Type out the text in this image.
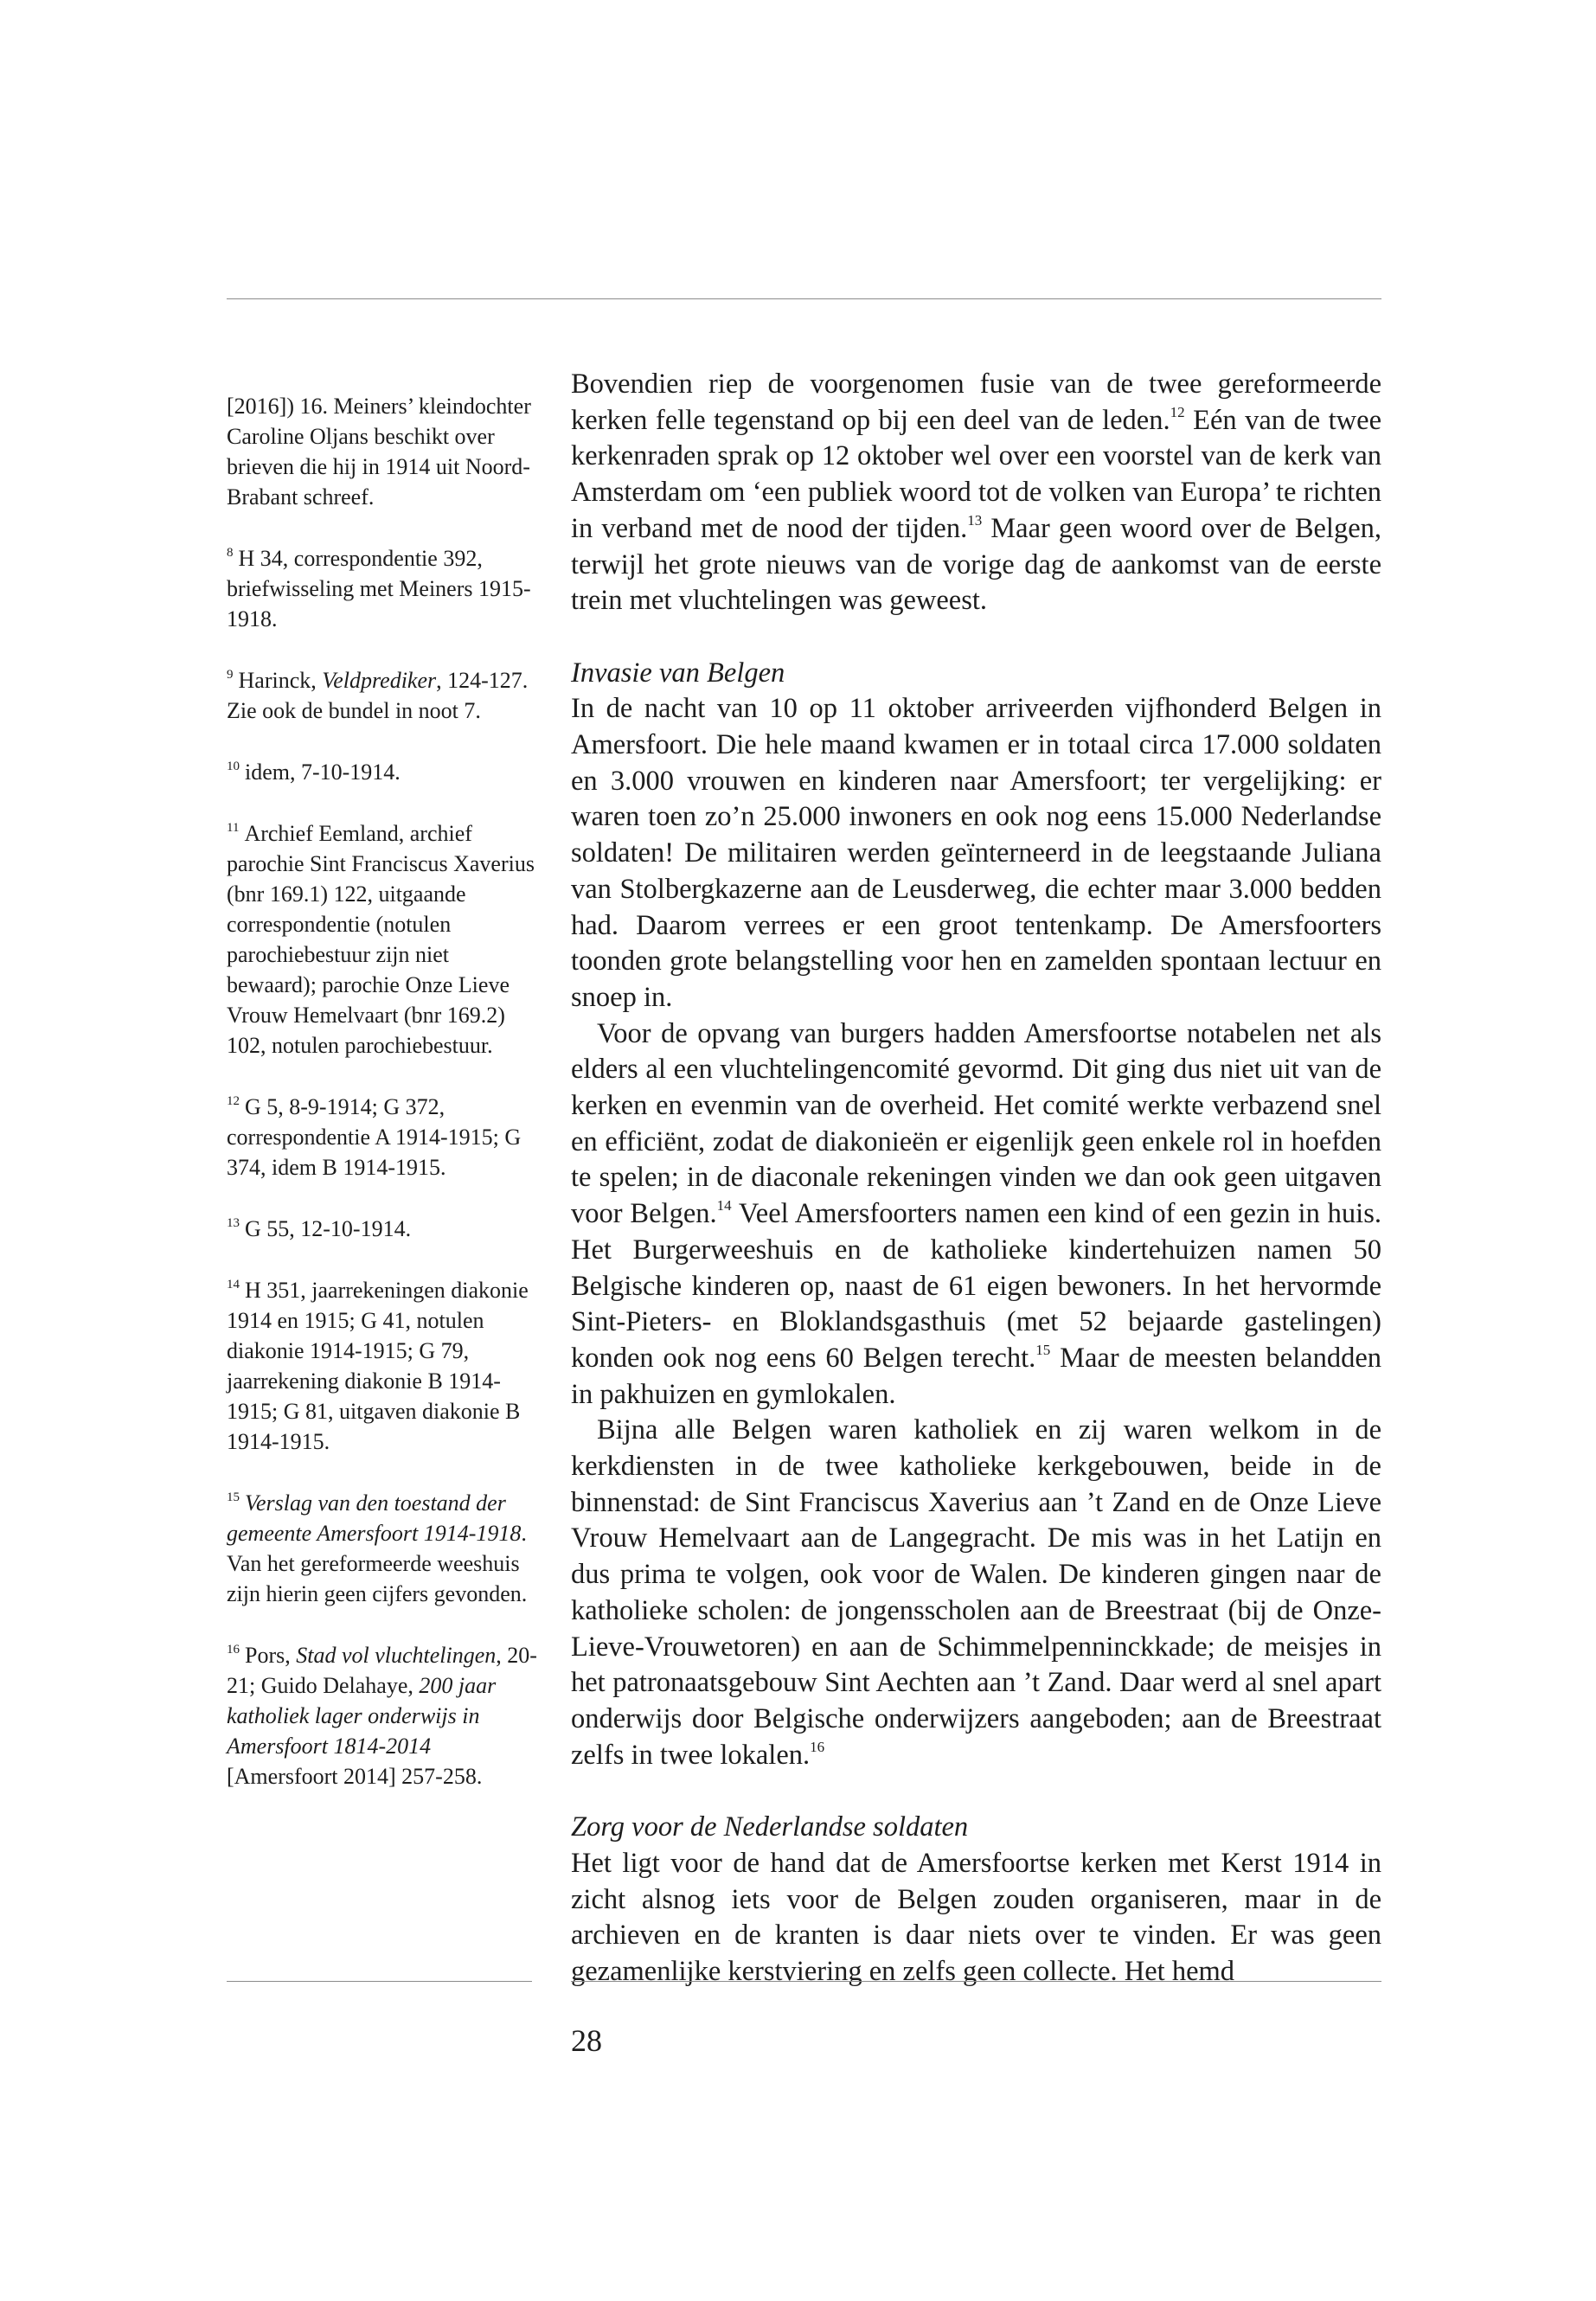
[2016]) 16. Meiners’ kleindochter Caroline Oljans beschikt over brieven die hij in 1914 uit Noord-Brabant schreef.

$^8$ H 34, correspondentie 392, briefwisseling met Meiners 1915-1918.

$^9$ Harinck, Veldprediker, 124-127. Zie ook de bundel in noot 7.

$^{10}$ idem, 7-10-1914.

$^{11}$ Archief Eemland, archief parochie Sint Franciscus Xaverius (bnr 169.1) 122, uitgaande correspondentie (notulen parochiebestuur zijn niet bewaard); parochie Onze Lieve Vrouw Hemelvaart (bnr 169.2) 102, notulen parochiebestuur.

$^{12}$ G 5, 8-9-1914; G 372, correspondentie A 1914-1915; G 374, idem B 1914-1915.

$^{13}$ G 55, 12-10-1914.

$^{14}$ H 351, jaarrekeningen diakonie 1914 en 1915; G 41, notulen diakonie 1914-1915; G 79, jaarrekening diakonie B 1914-1915; G 81, uitgaven diakonie B 1914-1915.

$^{15}$ Verslag van den toestand der gemeente Amersfoort 1914-1918. Van het gereformeerde weeshuis zijn hierin geen cijfers gevonden.

$^{16}$ Pors, Stad vol vluchtelingen, 20-21; Guido Delahaye, 200 jaar katholiek lager onderwijs in Amersfoort 1814-2014 [Amersfoort 2014] 257-258.

Bovendien riep de voorgenomen fusie van de twee gereformeerde kerken felle tegenstand op bij een deel van de leden.$^{12}$ Eén van de twee kerkenraden sprak op 12 oktober wel over een voorstel van de kerk van Amsterdam om ‘een publiek woord tot de volken van Europa’ te richten in verband met de nood der tijden.$^{13}$ Maar geen woord over de Belgen, terwijl het grote nieuws van de vorige dag de aankomst van de eerste trein met vluchtelingen was geweest.

Invasie van Belgen

In de nacht van 10 op 11 oktober arriveerden vijfhonderd Belgen in Amersfoort. Die hele maand kwamen er in totaal circa 17.000 soldaten en 3.000 vrouwen en kinderen naar Amersfoort; ter vergelijking: er waren toen zo’n 25.000 inwoners en ook nog eens 15.000 Nederlandse soldaten! De militairen werden geïnterneerd in de leegstaande Juliana van Stolbergkazerne aan de Leusderweg, die echter maar 3.000 bedden had. Daarom verrees er een groot tentenkamp. De Amersfoorters toonden grote belangstelling voor hen en zamelden spontaan lectuur en snoep in.

Voor de opvang van burgers hadden Amersfoortse notabelen net als elders al een vluchtelingencomité gevormd. Dit ging dus niet uit van de kerken en evenmin van de overheid. Het comité werkte verbazend snel en efficiënt, zodat de diakonieën er eigenlijk geen enkele rol in hoefden te spelen; in de diaconale rekeningen vinden we dan ook geen uitgaven voor Belgen.$^{14}$ Veel Amersfoorters namen een kind of een gezin in huis. Het Burgerweeshuis en de katholieke kindertehuizen namen 50 Belgische kinderen op, naast de 61 eigen bewoners. In het hervormde Sint-Pieters- en Bloklandsgasthuis (met 52 bejaarde gastelingen) konden ook nog eens 60 Belgen terecht.$^{15}$ Maar de meesten belandden in pakhuizen en gymlokalen.

Bijna alle Belgen waren katholiek en zij waren welkom in de kerkdiensten in de twee katholieke kerkgebouwen, beide in de binnenstad: de Sint Franciscus Xaverius aan ’t Zand en de Onze Lieve Vrouw Hemelvaart aan de Langegracht. De mis was in het Latijn en dus prima te volgen, ook voor de Walen. De kinderen gingen naar de katholieke scholen: de jongensscholen aan de Breestraat (bij de Onze-Lieve-Vrouwetoren) en aan de Schimmelpenninckkade; de meisjes in het patronaatsgebouw Sint Aechten aan ’t Zand. Daar werd al snel apart onderwijs door Belgische onderwijzers aangeboden; aan de Breestraat zelfs in twee lokalen.$^{16}$

Zorg voor de Nederlandse soldaten

Het ligt voor de hand dat de Amersfoortse kerken met Kerst 1914 in zicht alsnog iets voor de Belgen zouden organiseren, maar in de archieven en de kranten is daar niets over te vinden. Er was geen gezamenlijke kerstviering en zelfs geen collecte. Het hemd

28
